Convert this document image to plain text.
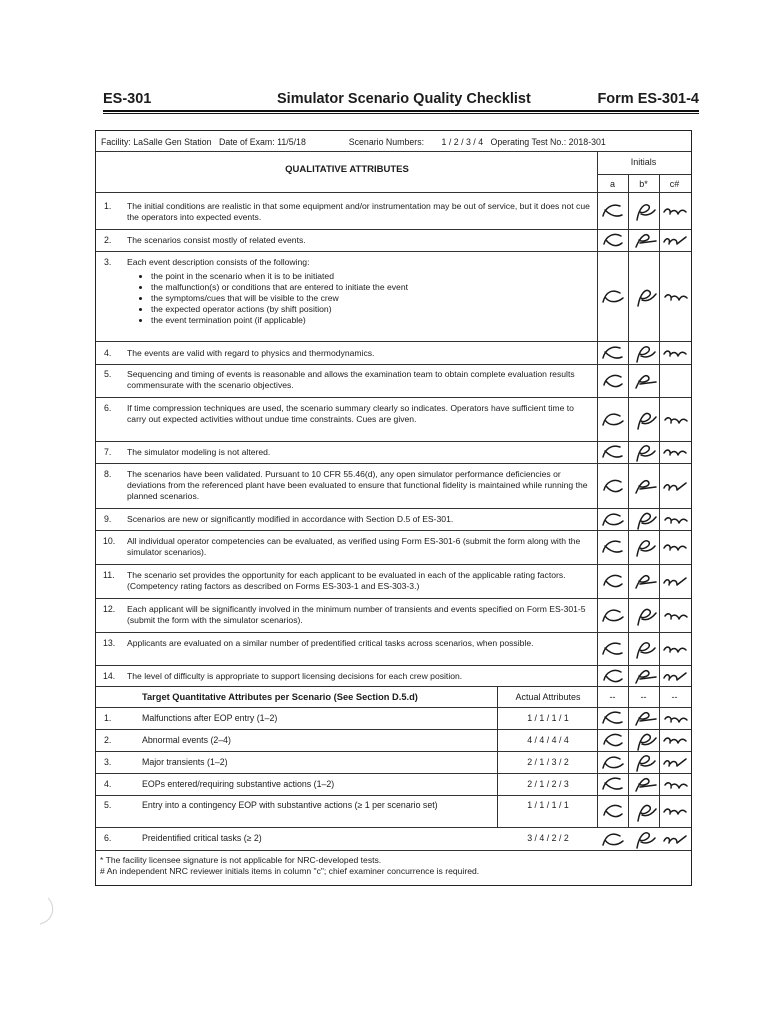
ES-301	Simulator Scenario Quality Checklist	Form ES-301-4
Facility: LaSalle Gen Station Date of Exam: 11/5/18	Scenario Numbers: 1 / 2 / 3 / 4 Operating Test No.: 2018-301
QUALITATIVE ATTRIBUTES
Initials
a	b*	c#
1. The initial conditions are realistic in that some equipment and/or instrumentation may be out of service, but it does not cue the operators into expected events.
2. The scenarios consist mostly of related events.
3. Each event description consists of the following:
• the point in the scenario when it is to be initiated
• the malfunction(s) or conditions that are entered to initiate the event
• the symptoms/cues that will be visible to the crew
• the expected operator actions (by shift position)
• the event termination point (if applicable)
4. The events are valid with regard to physics and thermodynamics.
5. Sequencing and timing of events is reasonable and allows the examination team to obtain complete evaluation results commensurate with the scenario objectives.
6. If time compression techniques are used, the scenario summary clearly so indicates. Operators have sufficient time to carry out expected activities without undue time constraints. Cues are given.
7. The simulator modeling is not altered.
8. The scenarios have been validated. Pursuant to 10 CFR 55.46(d), any open simulator performance deficiencies or deviations from the referenced plant have been evaluated to ensure that functional fidelity is maintained while running the planned scenarios.
9. Scenarios are new or significantly modified in accordance with Section D.5 of ES-301.
10. All individual operator competencies can be evaluated, as verified using Form ES-301-6 (submit the form along with the simulator scenarios).
11. The scenario set provides the opportunity for each applicant to be evaluated in each of the applicable rating factors. (Competency rating factors as described on Forms ES-303-1 and ES-303-3.)
12. Each applicant will be significantly involved in the minimum number of transients and events specified on Form ES-301-5 (submit the form with the simulator scenarios).
13. Applicants are evaluated on a similar number of predentified critical tasks across scenarios, when possible.
14. The level of difficulty is appropriate to support licensing decisions for each crew position.
Target Quantitative Attributes per Scenario (See Section D.5.d)	Actual Attributes	--	--	--
1.	Malfunctions after EOP entry (1–2)	1 / 1 / 1 / 1
2.	Abnormal events (2–4)	4 / 4 / 4 / 4
3.	Major transients (1–2)	2 / 1 / 3 / 2
4.	EOPs entered/requiring substantive actions (1–2)	2 / 1 / 2 / 3
5.	Entry into a contingency EOP with substantive actions (≥ 1 per scenario set)	1 / 1 / 1 / 1
6.	Preidentified critical tasks (≥ 2)	3 / 4 / 2 / 2
* The facility licensee signature is not applicable for NRC-developed tests.
# An independent NRC reviewer initials items in column "c"; chief examiner concurrence is required.
